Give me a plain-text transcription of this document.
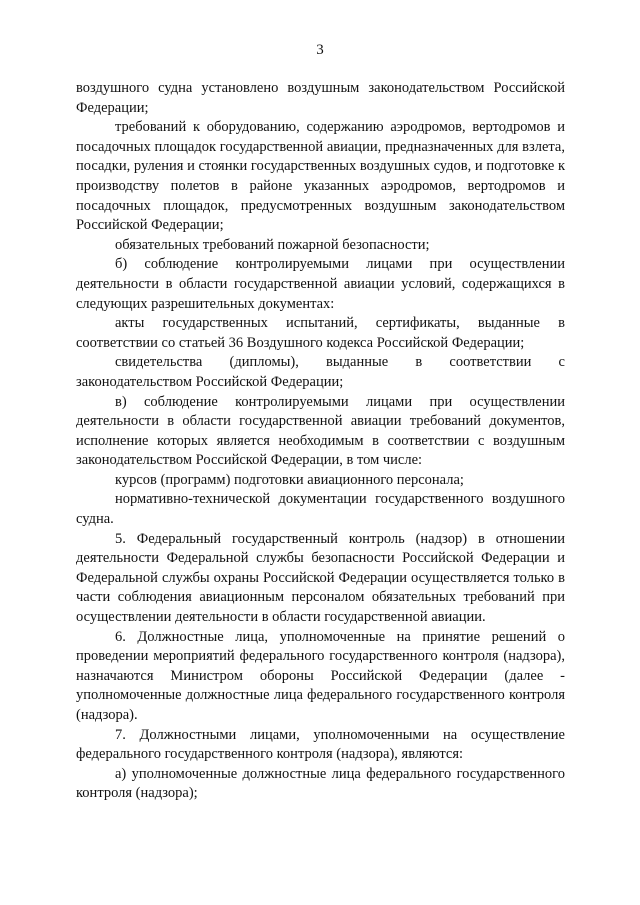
3

воздушного судна установлено воздушным законодательством Российской Федерации;

требований к оборудованию, содержанию аэродромов, вертодромов и посадочных площадок государственной авиации, предназначенных для взлета, посадки, руления и стоянки государственных воздушных судов, и подготовке к производству полетов в районе указанных аэродромов, вертодромов и посадочных площадок, предусмотренных воздушным законодательством Российской Федерации;

обязательных требований пожарной безопасности;

б) соблюдение контролируемыми лицами при осуществлении деятельности в области государственной авиации условий, содержащихся в следующих разрешительных документах:

акты государственных испытаний, сертификаты, выданные в соответствии со статьей 36 Воздушного кодекса Российской Федерации;

свидетельства (дипломы), выданные в соответствии с законодательством Российской Федерации;

в) соблюдение контролируемыми лицами при осуществлении деятельности в области государственной авиации требований документов, исполнение которых является необходимым в соответствии с воздушным законодательством Российской Федерации, в том числе:

курсов (программ) подготовки авиационного персонала;

нормативно-технической документации государственного воздушного судна.

5. Федеральный государственный контроль (надзор) в отношении деятельности Федеральной службы безопасности Российской Федерации и Федеральной службы охраны Российской Федерации осуществляется только в части соблюдения авиационным персоналом обязательных требований при осуществлении деятельности в области государственной авиации.

6. Должностные лица, уполномоченные на принятие решений о проведении мероприятий федерального государственного контроля (надзора), назначаются Министром обороны Российской Федерации (далее - уполномоченные должностные лица федерального государственного контроля (надзора).

7. Должностными лицами, уполномоченными на осуществление федерального государственного контроля (надзора), являются:

а) уполномоченные должностные лица федерального государственного контроля (надзора);
